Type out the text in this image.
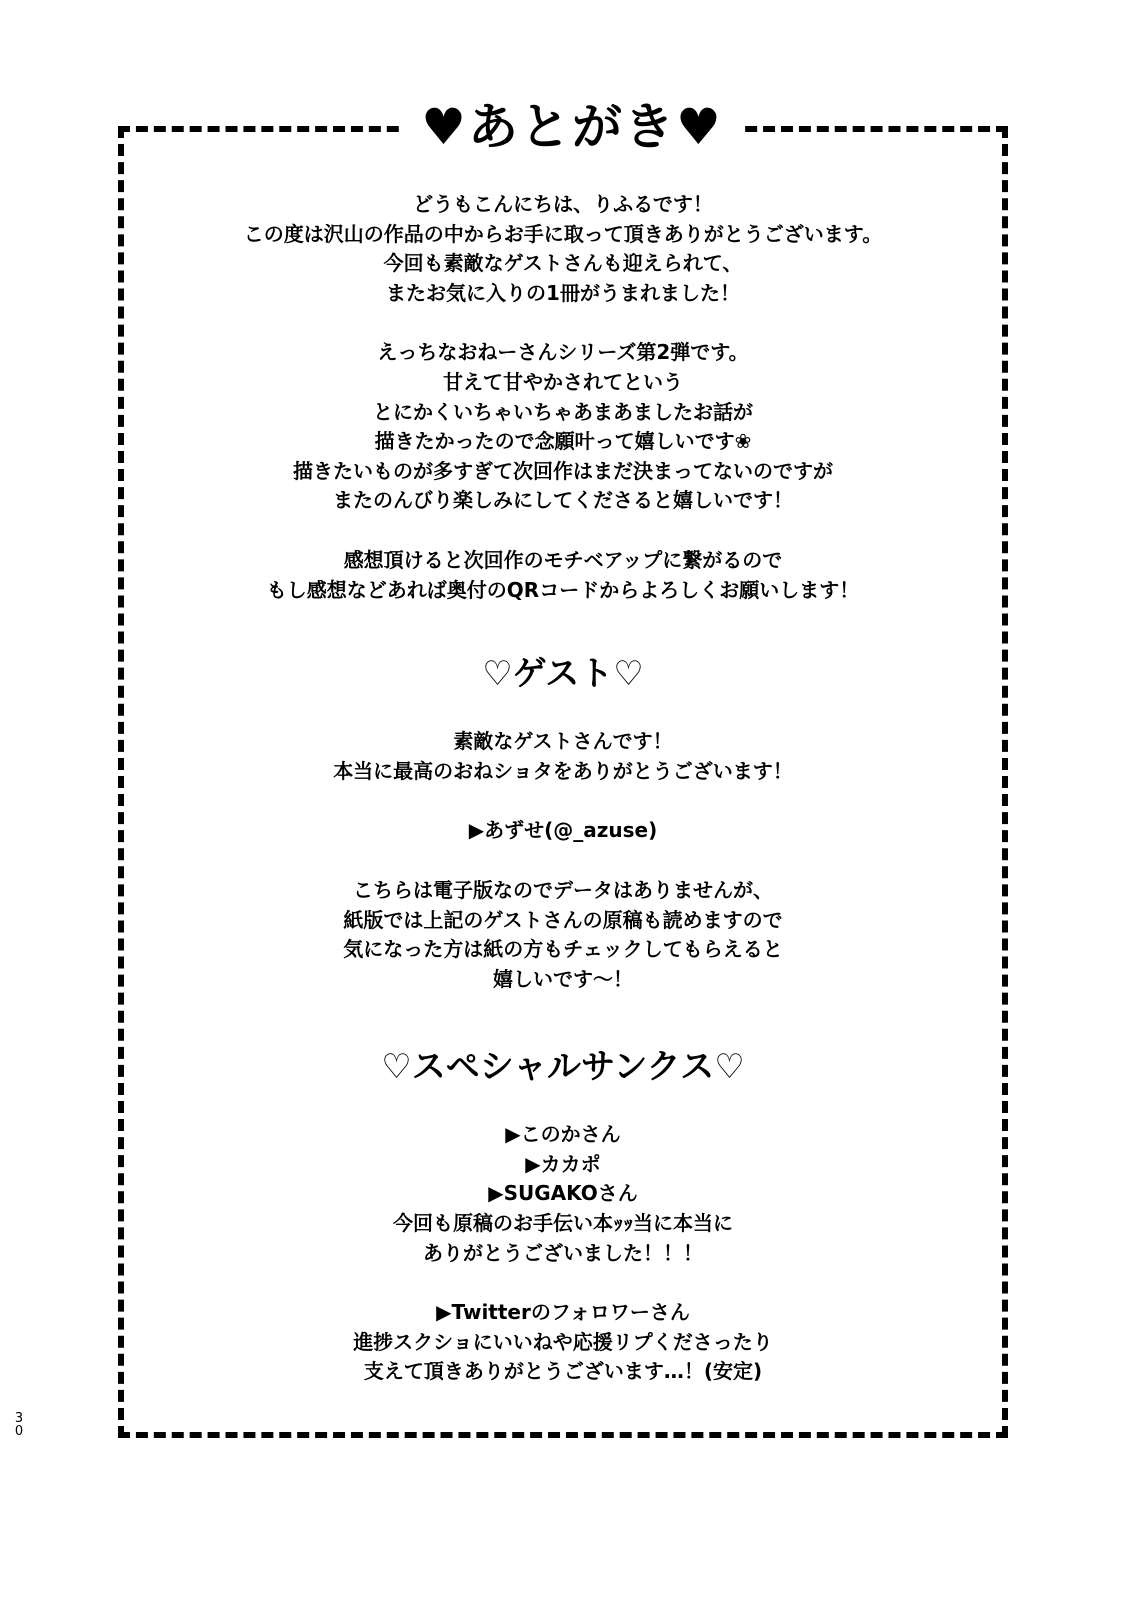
♥あとがき♥
どうもこんにちは、りふるです！
この度は沢山の作品の中からお手に取って頂きありがとうございます。
今回も素敵なゲストさんも迎えられて、
またお気に入りの1冊がうまれました！
えっちなおねーさんシリーズ第2弾です。
甘えて甘やかされてという
とにかくいちゃいちゃあまあましたお話が
描きたかったので念願叶って嬉しいです❀
描きたいものが多すぎて次回作はまだ決まってないのですが
またのんびり楽しみにしてくださると嬉しいです！
感想頂けると次回作のモチベアップに繋がるので
もし感想などあれば奥付のQRコードからよろしくお願いします！
♡ゲスト♡
素敵なゲストさんです！
本当に最高のおねショタをありがとうございます！
▶あずせ(@_azuse)
こちらは電子版なのでデータはありませんが、
紙版では上記のゲストさんの原稿も読めますので
気になった方は紙の方もチェックしてもらえると
嬉しいです～！
♡スペシャルサンクス♡
▶このかさん
▶カカポ
▶SUGAKOさん
今回も原稿のお手伝い本ｯｯ当に本当に
ありがとうございました！！！
▶Twitterのフォロワーさん
進捗スクショにいいねや応援リプくださったり
支えて頂きありがとうございます…！(安定)
30
